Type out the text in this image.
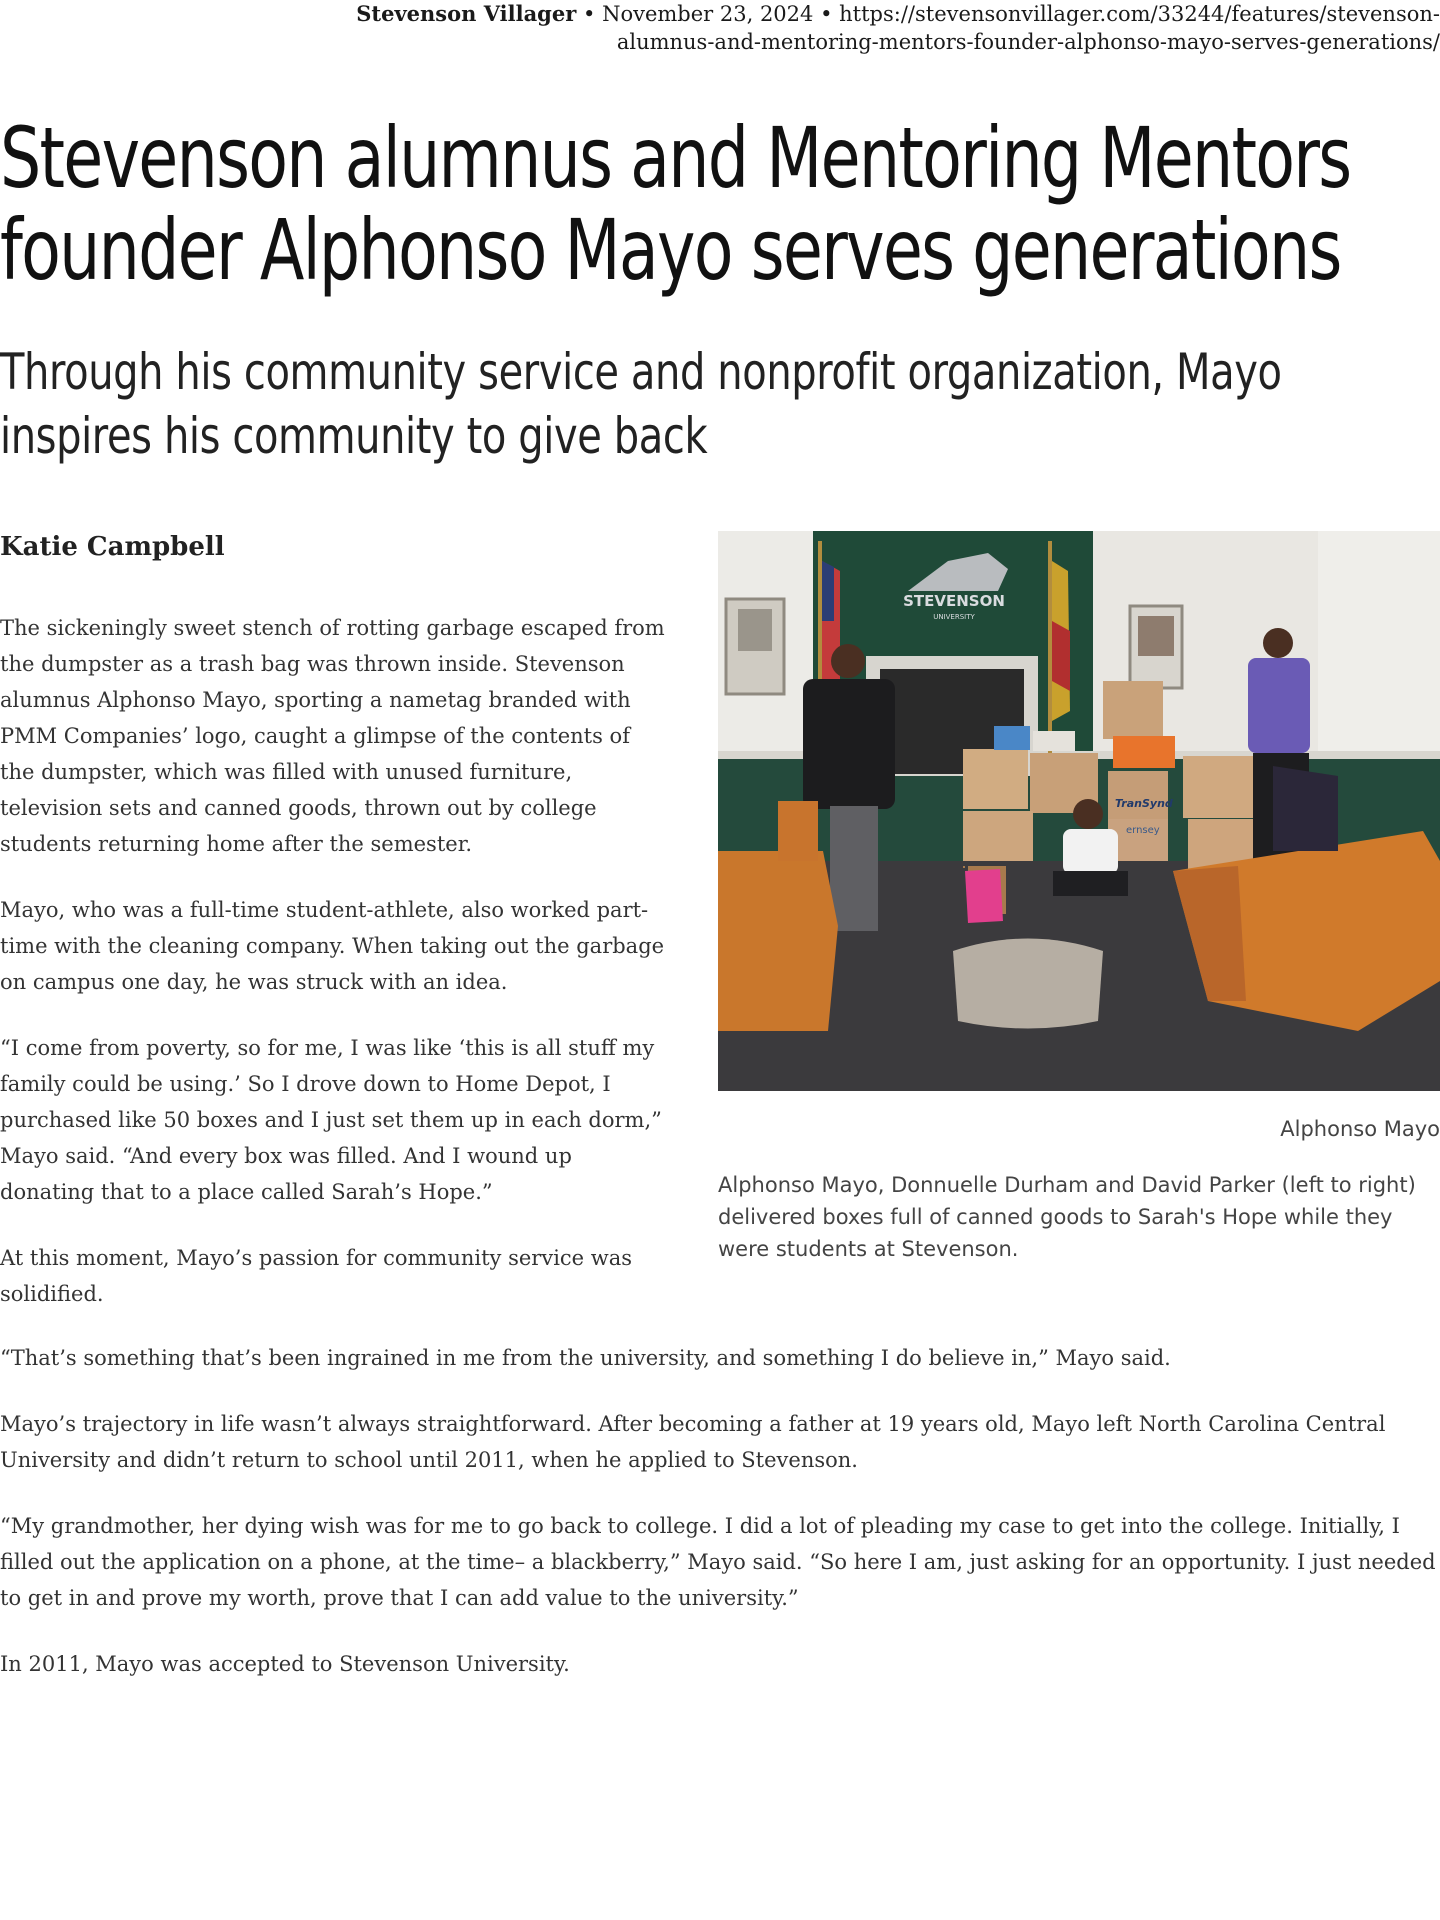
Stevenson Villager • November 23, 2024 • https://stevensonvillager.com/33244/features/stevenson-
alumnus-and-mentoring-mentors-founder-alphonso-mayo-serves-generations/
Stevenson alumnus and Mentoring Mentors founder Alphonso Mayo serves generations
Through his community service and nonprofit organization, Mayo inspires his community to give back
Katie Campbell

The sickeningly sweet stench of rotting garbage escaped from the dumpster as a trash bag was thrown inside. Stevenson alumnus Alphonso Mayo, sporting a nametag branded with PMM Companies’ logo, caught a glimpse of the contents of the dumpster, which was filled with unused furniture, television sets and canned goods, thrown out by college students returning home after the semester.

Mayo, who was a full-time student-athlete, also worked part-time with the cleaning company. When taking out the garbage on campus one day, he was struck with an idea.

“I come from poverty, so for me, I was like ‘this is all stuff my family could be using.’ So I drove down to Home Depot, I purchased like 50 boxes and I just set them up in each dorm,” Mayo said. “And every box was filled. And I wound up donating that to a place called Sarah’s Hope.”

At this moment, Mayo’s passion for community service was solidified.

STEVENSON
UNIVERSITY
TranSynd
ernsey
Alphonso Mayo
Alphonso Mayo, Donnuelle Durham and David Parker (left to right) delivered boxes full of canned goods to Sarah's Hope while they were students at Stevenson.

“That’s something that’s been ingrained in me from the university, and something I do believe in,” Mayo said.

Mayo’s trajectory in life wasn’t always straightforward. After becoming a father at 19 years old, Mayo left North Carolina Central University and didn’t return to school until 2011, when he applied to Stevenson.

“My grandmother, her dying wish was for me to go back to college. I did a lot of pleading my case to get into the college. Initially, I filled out the application on a phone, at the time– a blackberry,” Mayo said. “So here I am, just asking for an opportunity. I just needed to get in and prove my worth, prove that I can add value to the university.”

In 2011, Mayo was accepted to Stevenson University.
